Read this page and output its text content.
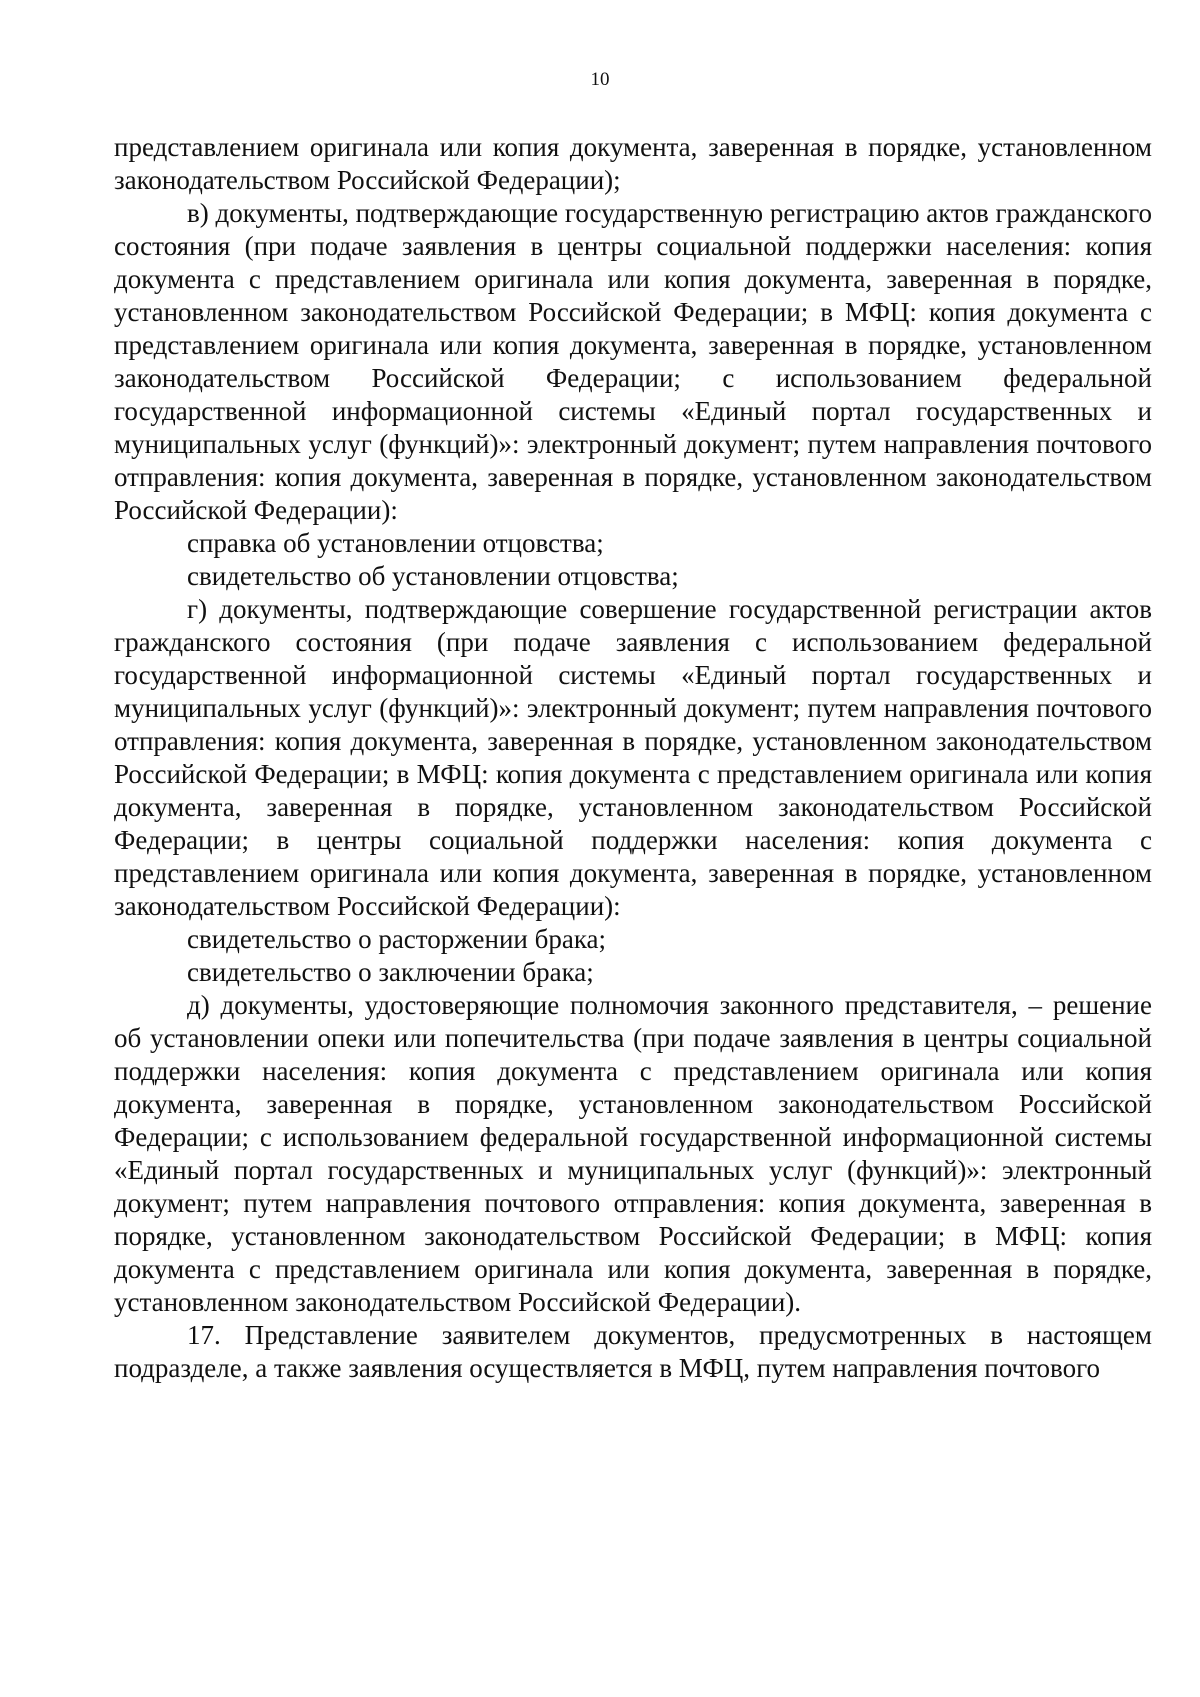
10

представлением оригинала или копия документа, заверенная в порядке, установленном законодательством Российской Федерации);

в) документы, подтверждающие государственную регистрацию актов гражданского состояния (при подаче заявления в центры социальной поддержки населения: копия документа с представлением оригинала или копия документа, заверенная в порядке, установленном законодательством Российской Федерации; в МФЦ: копия документа с представлением оригинала или копия документа, заверенная в порядке, установленном законодательством Российской Федерации; с использованием федеральной государственной информационной системы «Единый портал государственных и муниципальных услуг (функций)»: электронный документ; путем направления почтового отправления: копия документа, заверенная в порядке, установленном законодательством Российской Федерации):

справка об установлении отцовства;

свидетельство об установлении отцовства;

г) документы, подтверждающие совершение государственной регистрации актов гражданского состояния (при подаче заявления с использованием федеральной государственной информационной системы «Единый портал государственных и муниципальных услуг (функций)»: электронный документ; путем направления почтового отправления: копия документа, заверенная в порядке, установленном законодательством Российской Федерации; в МФЦ: копия документа с представлением оригинала или копия документа, заверенная в порядке, установленном законодательством Российской Федерации; в центры социальной поддержки населения: копия документа с представлением оригинала или копия документа, заверенная в порядке, установленном законодательством Российской Федерации):

свидетельство о расторжении брака;

свидетельство о заключении брака;

д) документы, удостоверяющие полномочия законного представителя, – решение об установлении опеки или попечительства (при подаче заявления в центры социальной поддержки населения: копия документа с представлением оригинала или копия документа, заверенная в порядке, установленном законодательством Российской Федерации; с использованием федеральной государственной информационной системы «Единый портал государственных и муниципальных услуг (функций)»: электронный документ; путем направления почтового отправления: копия документа, заверенная в порядке, установленном законодательством Российской Федерации; в МФЦ: копия документа с представлением оригинала или копия документа, заверенная в порядке, установленном законодательством Российской Федерации).

17. Представление заявителем документов, предусмотренных в настоящем подразделе, а также заявления осуществляется в МФЦ, путем направления почтового
